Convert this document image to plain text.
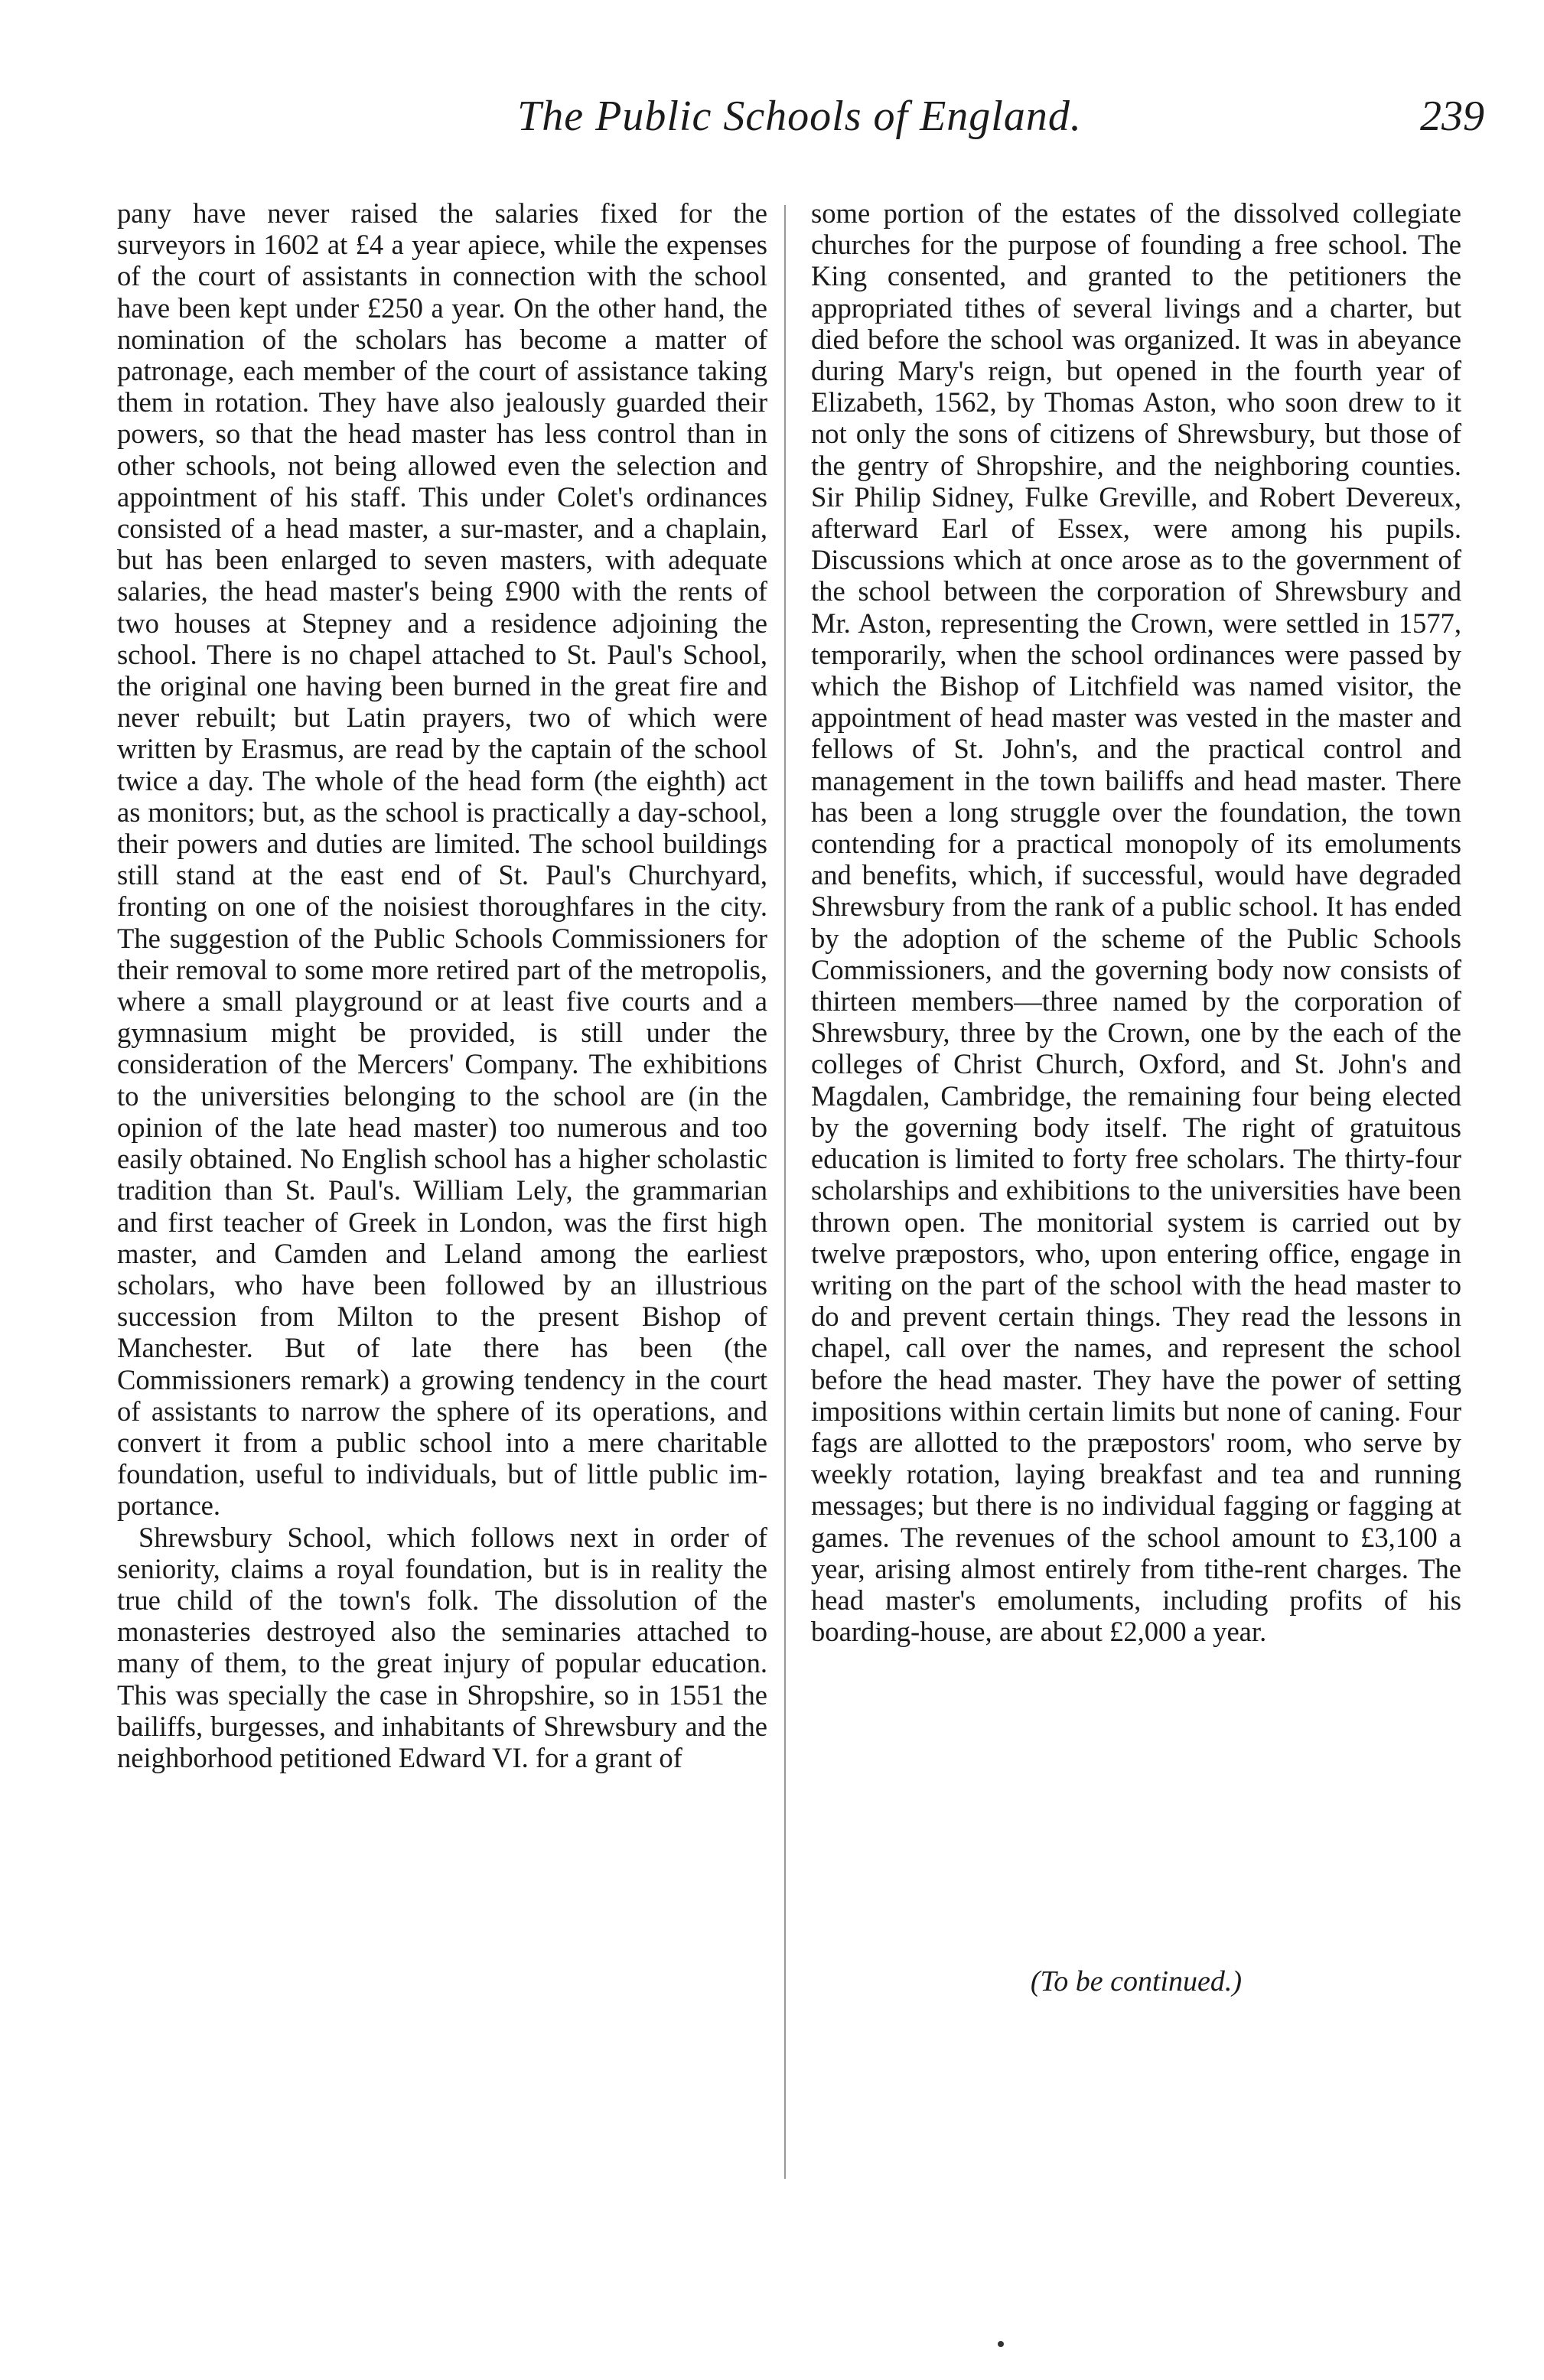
The Public Schools of England.	239

pany have never raised the salaries fixed for the surveyors in 1602 at £4 a year apiece, while the expenses of the court of assistants in connection with the school have been kept under £250 a year. On the other hand, the nomination of the scholars has become a matter of patronage, each member of the court of assistance taking them in rotation. They have also jealously guarded their powers, so that the head master has less control than in other schools, not being allowed even the selection and appointment of his staff. This under Colet's ordinances consisted of a head master, a sur-master, and a chaplain, but has been enlarged to seven masters, with adequate salaries, the head master's being £900 with the rents of two houses at Stepney and a residence adjoining the school. There is no chapel attached to St. Paul's School, the original one having been burned in the great fire and never rebuilt; but Latin prayers, two of which were written by Erasmus, are read by the captain of the school twice a day. The whole of the head form (the eighth) act as monitors; but, as the school is practically a day-school, their powers and duties are limited. The school buildings still stand at the east end of St. Paul's Churchyard, fronting on one of the noisiest thoroughfares in the city. The suggestion of the Public Schools Commissioners for their removal to some more retired part of the metropolis, where a small playground or at least five courts and a gymnasium might be provided, is still under the consideration of the Mercers' Company. The exhibitions to the universities belonging to the school are (in the opinion of the late head master) too numerous and too easily obtained. No English school has a higher scholastic tradition than St. Paul's. William Lely, the grammarian and first teacher of Greek in London, was the first high master, and Camden and Leland among the earliest scholars, who have been followed by an illustrious succession from Milton to the present Bishop of Manchester. But of late there has been (the Commissioners remark) a growing tendency in the court of assistants to narrow the sphere of its operations, and convert it from a public school into a mere charitable foundation, useful to individuals, but of little public importance.

Shrewsbury School, which follows next in order of seniority, claims a royal foundation, but is in reality the true child of the town's folk. The dissolution of the monasteries destroyed also the seminaries attached to many of them, to the great injury of popular education. This was specially the case in Shropshire, so in 1551 the bailiffs, burgesses, and inhabitants of Shrewsbury and the neighborhood petitioned Edward VI. for a grant of

some portion of the estates of the dissolved collegiate churches for the purpose of founding a free school. The King consented, and granted to the petitioners the appropriated tithes of several livings and a charter, but died before the school was organized. It was in abeyance during Mary's reign, but opened in the fourth year of Elizabeth, 1562, by Thomas Aston, who soon drew to it not only the sons of citizens of Shrewsbury, but those of the gentry of Shropshire, and the neighboring counties. Sir Philip Sidney, Fulke Greville, and Robert Devereux, afterward Earl of Essex, were among his pupils. Discussions which at once arose as to the government of the school between the corporation of Shrewsbury and Mr. Aston, representing the Crown, were settled in 1577, temporarily, when the school ordinances were passed by which the Bishop of Litchfield was named visitor, the appointment of head master was vested in the master and fellows of St. John's, and the practical control and management in the town bailiffs and head master. There has been a long struggle over the foundation, the town contending for a practical monopoly of its emoluments and benefits, which, if successful, would have degraded Shrewsbury from the rank of a public school. It has ended by the adoption of the scheme of the Public Schools Commissioners, and the governing body now consists of thirteen members—three named by the corporation of Shrewsbury, three by the Crown, one by the each of the colleges of Christ Church, Oxford, and St. John's and Magdalen, Cambridge, the remaining four being elected by the governing body itself. The right of gratuitous education is limited to forty free scholars. The thirty-four scholarships and exhibitions to the universities have been thrown open. The monitorial system is carried out by twelve præpostors, who, upon entering office, engage in writing on the part of the school with the head master to do and prevent certain things. They read the lessons in chapel, call over the names, and represent the school before the head master. They have the power of setting impositions within certain limits but none of caning. Four fags are allotted to the præpostors' room, who serve by weekly rotation, laying breakfast and tea and running messages; but there is no individual fagging or fagging at games. The revenues of the school amount to £3,100 a year, arising almost entirely from tithe-rent charges. The head master's emoluments, including profits of his boarding-house, are about £2,000 a year.

(To be continued.)
